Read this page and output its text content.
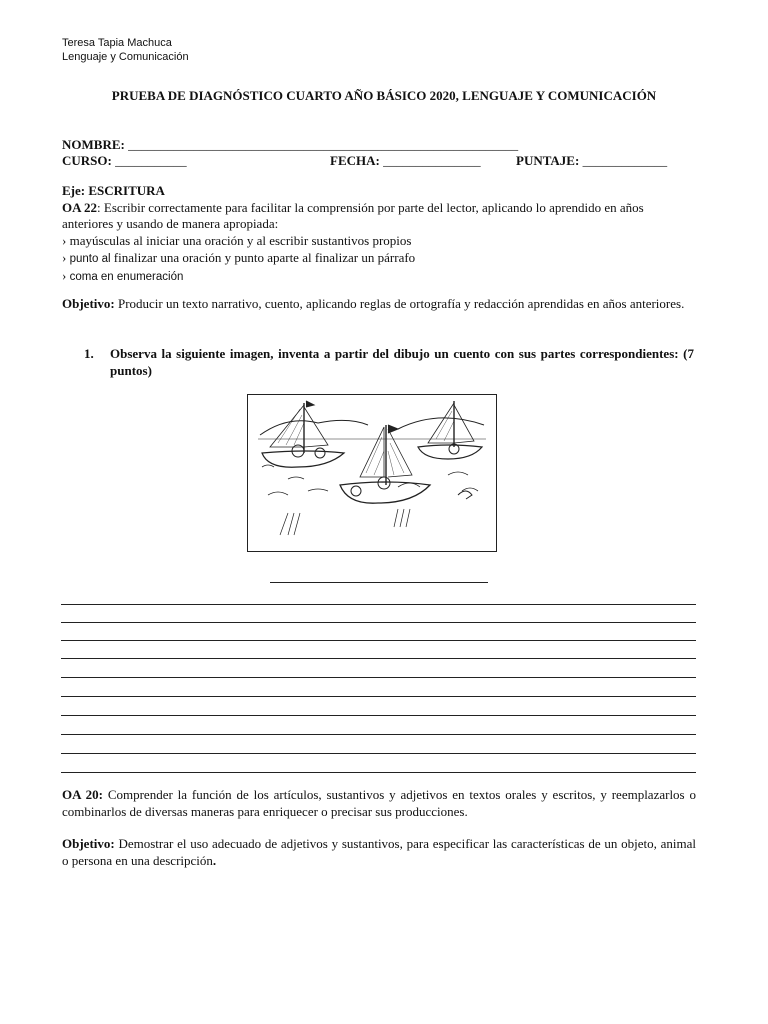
Teresa Tapia Machuca
Lenguaje y Comunicación
PRUEBA DE DIAGNÓSTICO CUARTO AÑO BÁSICO 2020, LENGUAJE Y COMUNICACIÓN
NOMBRE: ____________________________________________________________
CURSO: ___________	FECHA: _______________	PUNTAJE: _____________

Eje: ESCRITURA

OA 22: Escribir correctamente para facilitar la comprensión por parte del lector, aplicando lo aprendido en años anteriores y usando de manera apropiada:

› mayúsculas al iniciar una oración y al escribir sustantivos propios

› punto al finalizar una oración y punto aparte al finalizar un párrafo

› coma en enumeración

Objetivo: Producir un texto narrativo, cuento, aplicando reglas de ortografía y redacción aprendidas en años anteriores.

1.	Observa la siguiente imagen, inventa a partir del dibujo un cuento con sus partes correspondientes: (7 puntos)

OA 20: Comprender la función de los artículos, sustantivos y adjetivos en textos orales y escritos, y reemplazarlos o combinarlos de diversas maneras para enriquecer o precisar sus producciones.

Objetivo: Demostrar el uso adecuado de adjetivos y sustantivos, para especificar las características de un objeto, animal o persona en una descripción.
